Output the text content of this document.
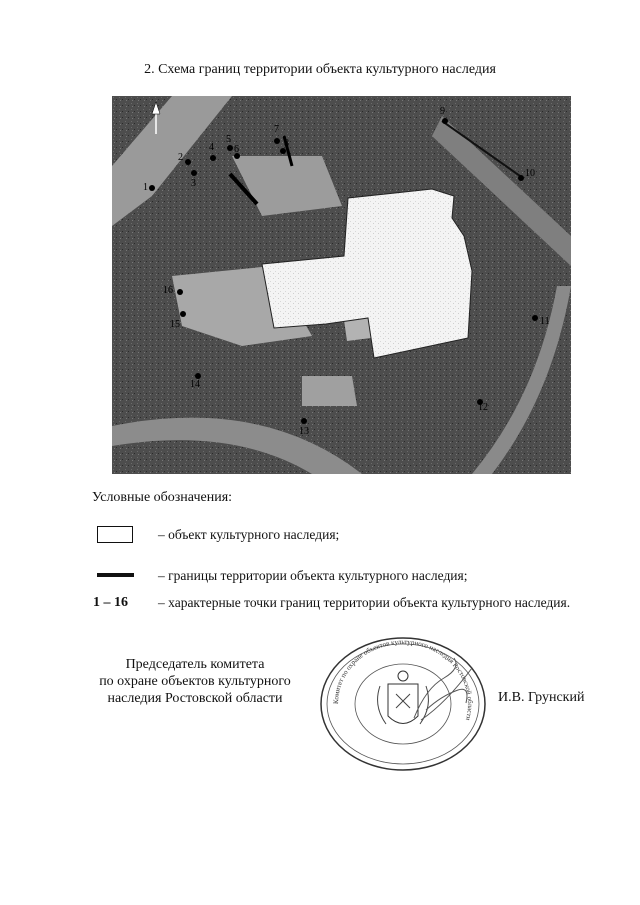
2. Схема границ территории объекта культурного наследия
1
2
3
4
5
6
7
8
9
10
11
12
13
14
15
16
Условные обозначения:
– объект культурного наследия;
– границы территории объекта культурного наследия;
1 – 16 – характерные точки границ территории объекта культурного наследия.
Председатель комитета
по охране объектов культурного
наследия Ростовской области	Комитет по охране объектов культурного наследия Ростовской области
И.В. Грунский
